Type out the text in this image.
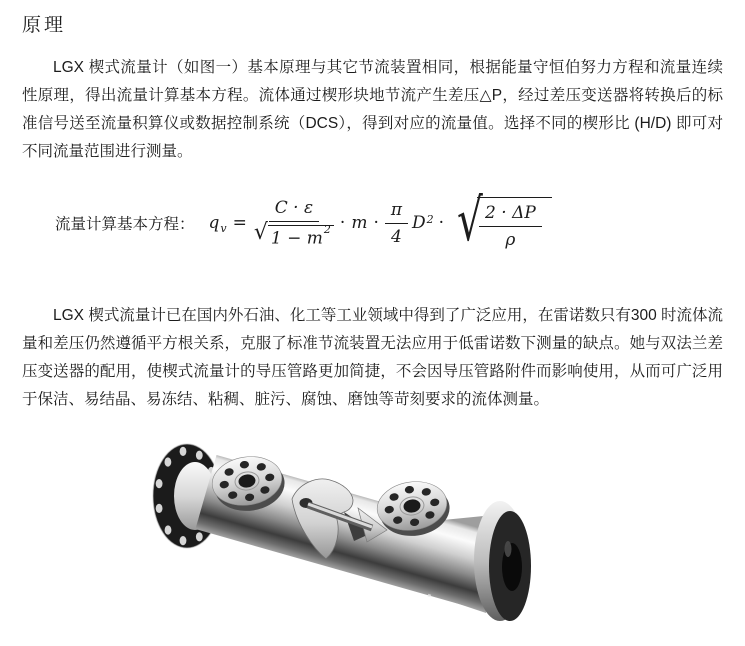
原理

LGX 楔式流量计（如图一）基本原理与其它节流装置相同，根据能量守恒伯努力方程和流量连续性原理，得出流量计算基本方程。流体通过楔形块地节流产生差压△P，经过差压变送器将转换后的标准信号送至流量积算仪或数据控制系统（DCS），得到对应的流量值。选择不同的楔形比 (H/D) 即可对不同流量范围进行测量。

流量计算基本方程： $q_v = \frac{C \cdot \varepsilon}{√ 1 - m^2} \cdot m \cdot \frac{\pi}{4} D^2$ · √
$\frac{2 \cdot \Delta P}{\rho}$

LGX 楔式流量计已在国内外石油、化工等工业领域中得到了广泛应用，在雷诺数只有300 时流体流量和差压仍然遵循平方根关系，克服了标准节流装置无法应用于低雷诺数下测量的缺点。她与双法兰差压变送器的配用，使楔式流量计的导压管路更加简捷，不会因导压管路附件而影响使用，从而可广泛用于保洁、易结晶、易冻结、粘稠、脏污、腐蚀、磨蚀等苛刻要求的流体测量。
